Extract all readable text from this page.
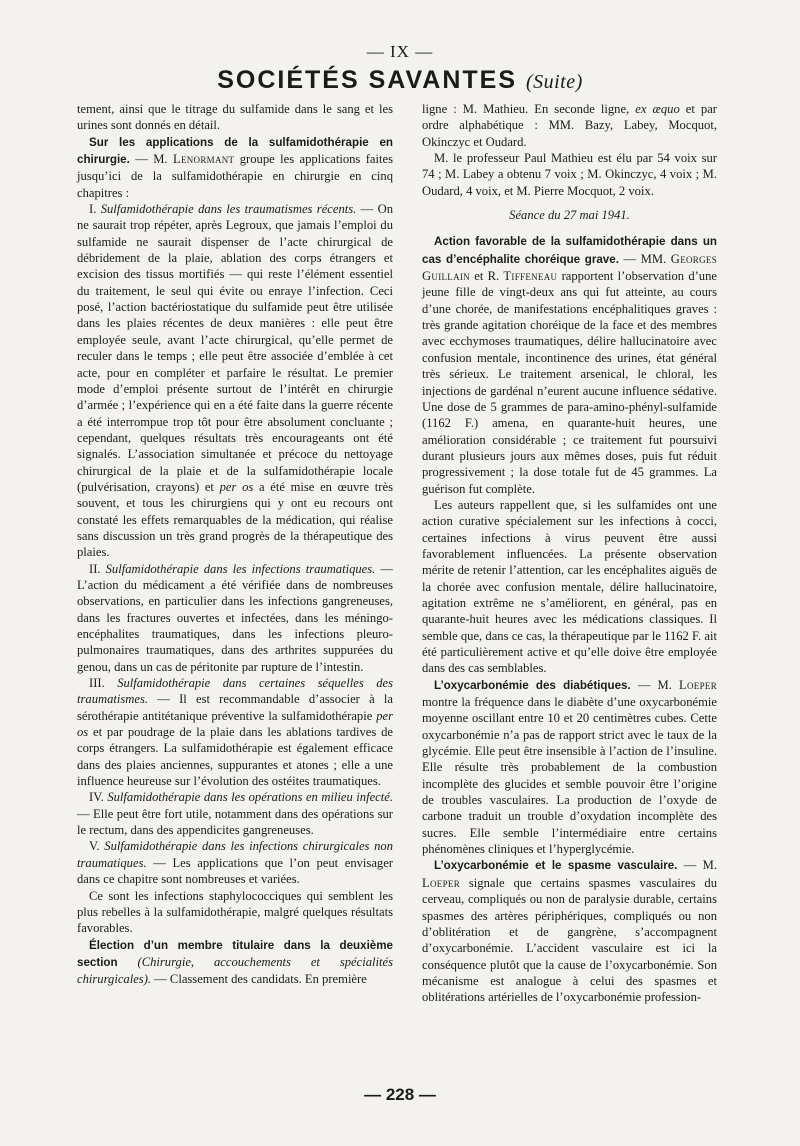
— IX —
SOCIÉTÉS SAVANTES (Suite)

tement, ainsi que le titrage du sulfamide dans le sang et les urines sont donnés en détail.

Sur les applications de la sulfamidothérapie en chirurgie. — M. Lenormant groupe les applications faites jusqu’ici de la sulfamidothérapie en chirurgie en cinq chapitres :

I. Sulfamidothérapie dans les traumatismes récents. — On ne saurait trop répéter, après Legroux, que jamais l’emploi du sulfamide ne saurait dispenser de l’acte chirurgical de débridement de la plaie, ablation des corps étrangers et excision des tissus mortifiés — qui reste l’élément essentiel du traitement, le seul qui évite ou enraye l’infection. Ceci posé, l’action bactériostatique du sulfamide peut être utilisée dans les plaies récentes de deux manières : elle peut être employée seule, avant l’acte chirurgical, qu’elle permet de reculer dans le temps ; elle peut être associée d’emblée à cet acte, pour en compléter et parfaire le résultat. Le premier mode d’emploi présente surtout de l’intérêt en chirurgie d’armée ; l’expérience qui en a été faite dans la guerre récente a été interrompue trop tôt pour être absolument concluante ; cependant, quelques résultats très encourageants ont été signalés. L’association simultanée et précoce du nettoyage chirurgical de la plaie et de la sulfamidothérapie locale (pulvérisation, crayons) et per os a été mise en œuvre très souvent, et tous les chirurgiens qui y ont eu recours ont constaté les effets remarquables de la médication, qui réalise sans discussion un très grand progrès de la thérapeutique des plaies.

II. Sulfamidothérapie dans les infections traumatiques. — L’action du médicament a été vérifiée dans de nombreuses observations, en particulier dans les infections gangreneuses, dans les fractures ouvertes et infectées, dans les méningo-encéphalites traumatiques, dans les infections pleuro-pulmonaires traumatiques, dans des arthrites suppurées du genou, dans un cas de péritonite par rupture de l’intestin.

III. Sulfamidothérapie dans certaines séquelles des traumatismes. — Il est recommandable d’associer à la sérothérapie antitétanique préventive la sulfamidothérapie per os et par poudrage de la plaie dans les ablations tardives de corps étrangers. La sulfamidothérapie est également efficace dans des plaies anciennes, suppurantes et atones ; elle a une influence heureuse sur l’évolution des ostéites traumatiques.

IV. Sulfamidothérapie dans les opérations en milieu infecté. — Elle peut être fort utile, notamment dans des opérations sur le rectum, dans des appendicites gangreneuses.

V. Sulfamidothérapie dans les infections chirurgicales non traumatiques. — Les applications que l’on peut envisager dans ce chapitre sont nombreuses et variées.

Ce sont les infections staphylococciques qui semblent les plus rebelles à la sulfamidothérapie, malgré quelques résultats favorables.

Élection d’un membre titulaire dans la deuxième section (Chirurgie, accouchements et spécialités chirurgicales). — Classement des candidats. En première

ligne : M. Mathieu. En seconde ligne, ex æquo et par ordre alphabétique : MM. Bazy, Labey, Mocquot, Okinczyc et Oudard.

M. le professeur Paul Mathieu est élu par 54 voix sur 74 ; M. Labey a obtenu 7 voix ; M. Okinczyc, 4 voix ; M. Oudard, 4 voix, et M. Pierre Mocquot, 2 voix.

Séance du 27 mai 1941.

Action favorable de la sulfamidothérapie dans un cas d’encéphalite choréique grave. — MM. Georges Guillain et R. Tiffeneau rapportent l’observation d’une jeune fille de vingt-deux ans qui fut atteinte, au cours d’une chorée, de manifestations encéphalitiques graves : très grande agitation choréique de la face et des membres avec ecchymoses traumatiques, délire hallucinatoire avec confusion mentale, incontinence des urines, état général très sérieux. Le traitement arsenical, le chloral, les injections de gardénal n’eurent aucune influence sédative. Une dose de 5 grammes de para-amino-phényl-sulfamide (1162 F.) amena, en quarante-huit heures, une amélioration considérable ; ce traitement fut poursuivi durant plusieurs jours aux mêmes doses, puis fut réduit progressivement ; la dose totale fut de 45 grammes. La guérison fut complète.

Les auteurs rappellent que, si les sulfamides ont une action curative spécialement sur les infections à cocci, certaines infections à virus peuvent être aussi favorablement influencées. La présente observation mérite de retenir l’attention, car les encéphalites aiguës de la chorée avec confusion mentale, délire hallucinatoire, agitation extrême ne s’améliorent, en général, pas en quarante-huit heures avec les médications classiques. Il semble que, dans ce cas, la thérapeutique par le 1162 F. ait été particulièrement active et qu’elle doive être employée dans des cas semblables.

L’oxycarbonémie des diabétiques. — M. Loeper montre la fréquence dans le diabète d’une oxycarbonémie moyenne oscillant entre 10 et 20 centimètres cubes. Cette oxycarbonémie n’a pas de rapport strict avec le taux de la glycémie. Elle peut être insensible à l’action de l’insuline. Elle résulte très probablement de la combustion incomplète des glucides et semble pouvoir être l’origine de troubles vasculaires. La production de l’oxyde de carbone traduit un trouble d’oxydation incomplète des sucres. Elle semble l’intermédiaire entre certains phénomènes cliniques et l’hyperglycémie.

L’oxycarbonémie et le spasme vasculaire. — M. Loeper signale que certains spasmes vasculaires du cerveau, compliqués ou non de paralysie durable, certains spasmes des artères périphériques, compliqués ou non d’oblitération et de gangrène, s’accompagnent d’oxycarbonémie. L’accident vasculaire est ici la conséquence plutôt que la cause de l’oxycarbonémie. Son mécanisme est analogue à celui des spasmes et oblitérations artérielles de l’oxycarbonémie profession-

— 228 —
